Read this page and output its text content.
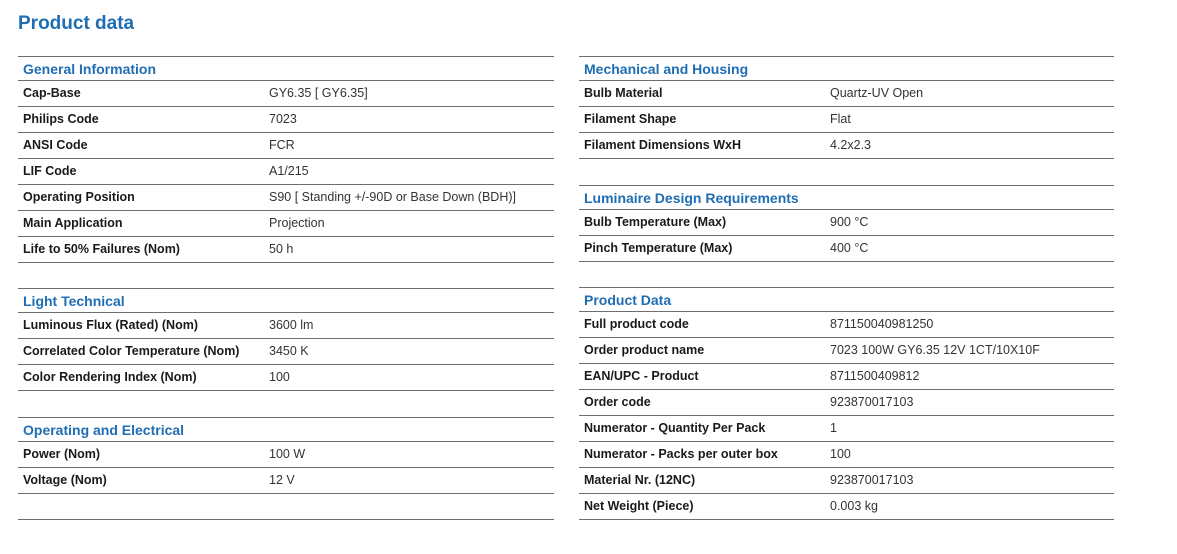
Product data
General Information
Cap-Base	GY6.35 [ GY6.35]
Philips Code	7023
ANSI Code	FCR
LIF Code	A1/215
Operating Position	S90 [ Standing +/-90D or Base Down (BDH)]
Main Application	Projection
Life to 50% Failures (Nom)	50 h
Light Technical
Luminous Flux (Rated) (Nom)	3600 lm
Correlated Color Temperature (Nom) 3450 K
Color Rendering Index (Nom)	100
Operating and Electrical
Power (Nom)	100 W
Voltage (Nom)	12 V
Mechanical and Housing
Bulb Material	Quartz-UV Open
Filament Shape	Flat
Filament Dimensions WxH	4.2x2.3
Luminaire Design Requirements
Bulb Temperature (Max)	900 °C
Pinch Temperature (Max)	400 °C
Product Data
Full product code	871150040981250
Order product name	7023 100W GY6.35 12V 1CT/10X10F
EAN/UPC - Product	8711500409812
Order code	923870017103
Numerator - Quantity Per Pack	1
Numerator - Packs per outer box	100
Material Nr. (12NC)	923870017103
Net Weight (Piece)	0.003 kg
